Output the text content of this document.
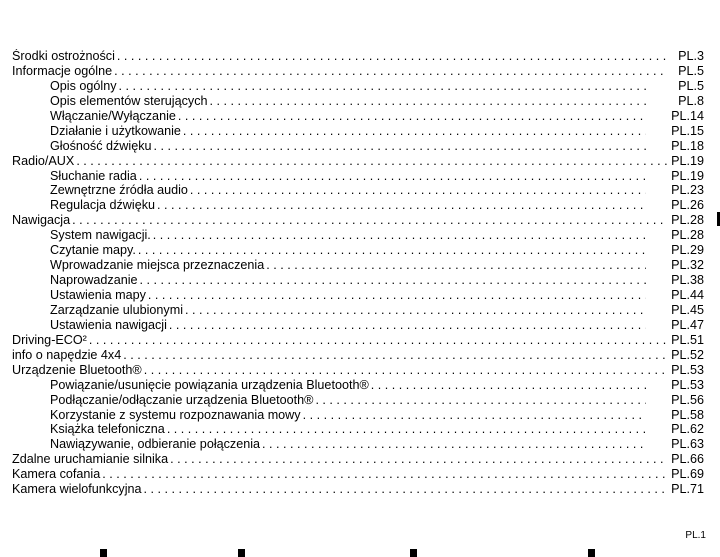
Środki ostrożności . . .	PL.3
Informacje ogólne . . .	PL.5
Opis ogólny . . .	PL.5
Opis elementów sterujących . . .	PL.8
Włączanie/Wyłączanie . . .	PL.14
Działanie i użytkowanie . . .	PL.15
Głośność dźwięku . . .	PL.18
Radio/AUX . . .	PL.19
Słuchanie radia . . .	PL.19
Zewnętrzne źródła audio . . .	PL.23
Regulacja dźwięku . . .	PL.26
Nawigacja . . .	PL.28
System nawigacji. . . .	PL.28
Czytanie mapy. . . .	PL.29
Wprowadzanie miejsca przeznaczenia . . .	PL.32
Naprowadzanie . . .	PL.38
Ustawienia mapy . . .	PL.44
Zarządzanie ulubionymi . . .	PL.45
Ustawienia nawigacji . . .	PL.47
Driving-ECO² . . .	PL.51
info o napędzie 4x4 . . .	PL.52
Urządzenie Bluetooth® . . .	PL.53
Powiązanie/usunięcie powiązania urządzenia Bluetooth® . . .	PL.53
Podłączanie/odłączanie urządzenia Bluetooth® . . .	PL.56
Korzystanie z systemu rozpoznawania mowy . . .	PL.58
Książka telefoniczna . . .	PL.62
Nawiązywanie, odbieranie połączenia . . .	PL.63
Zdalne uruchamianie silnika . . .	PL.66
Kamera cofania . . .	PL.69
Kamera wielofunkcyjna . . .	PL.71
PL.1
